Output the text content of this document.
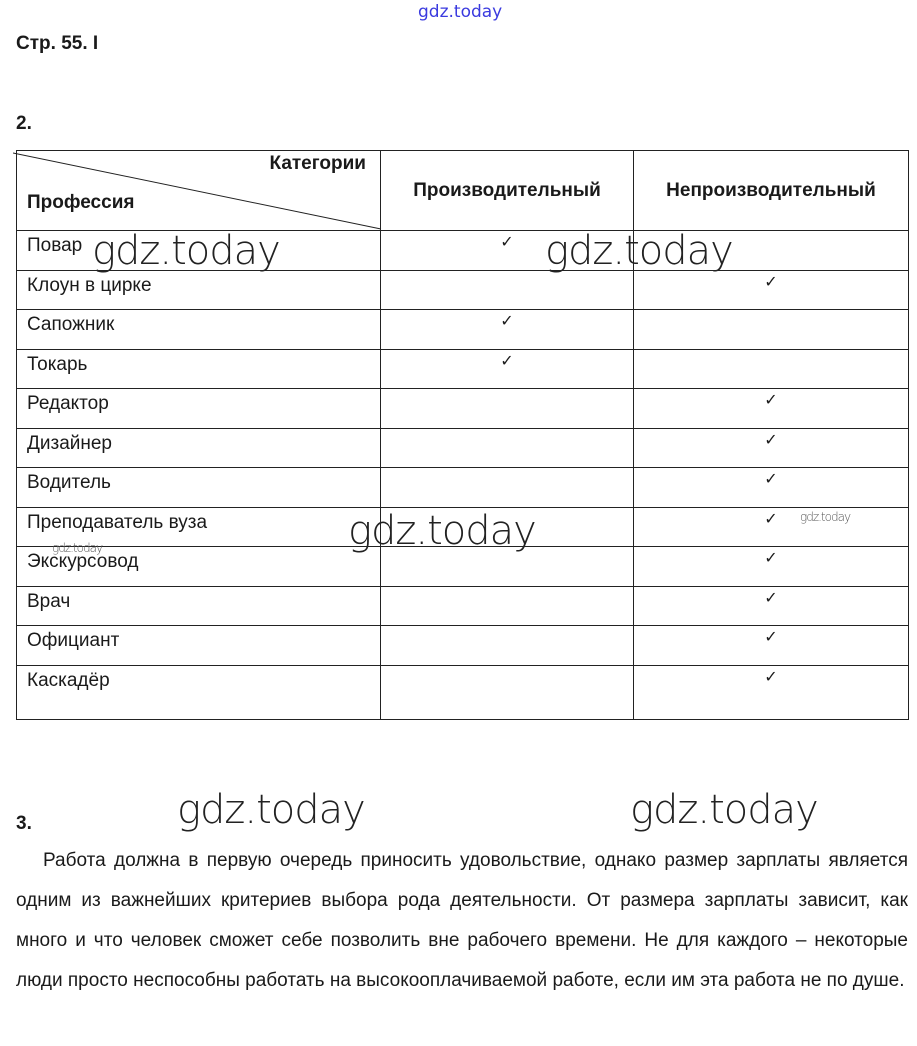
gdz.today
Стр. 55. I
2.
Категории
Профессия	Производительный	Непроизводительный
Повар	✓	
Клоун в цирке		✓
Сапожник	✓	
Токарь	✓	
Редактор		✓
Дизайнер		✓
Водитель		✓
Преподаватель вуза		✓
Экскурсовод		✓
Врач		✓
Официант		✓
Каскадёр		✓
gdz.today	gdz.today
gdz.today	gdz.today
gdz.today
gdz.today	gdz.today
3.

Работа должна в первую очередь приносить удовольствие, однако размер зарплаты является одним из важнейших критериев выбора рода деятельности. От размера зарплаты зависит, как много и что человек сможет себе позволить вне рабочего времени. Не для каждого – некоторые люди просто неспособны работать на высокооплачиваемой работе, если им эта работа не по душе.
